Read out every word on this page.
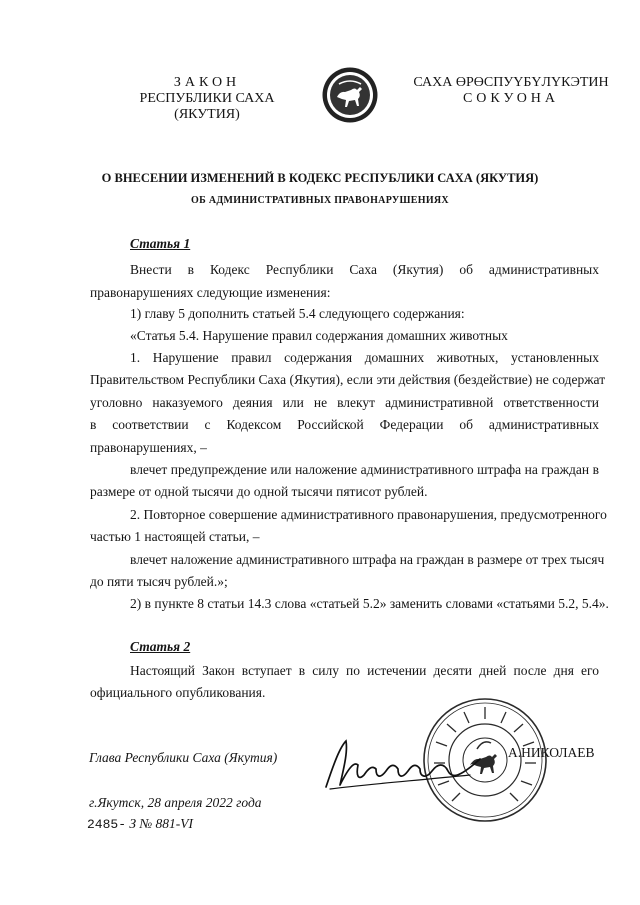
ЗАКОН
РЕСПУБЛИКИ САХА (ЯКУТИЯ)
САХА ӨРӨСПУҮБҮЛҮКЭТИН
СОКУОНА
О ВНЕСЕНИИ ИЗМЕНЕНИЙ В КОДЕКС РЕСПУБЛИКИ САХА (ЯКУТИЯ)
ОБ АДМИНИСТРАТИВНЫХ ПРАВОНАРУШЕНИЯХ
Статья 1
Внести в Кодекс Республики Саха (Якутия) об административных
правонарушениях следующие изменения:
1) главу 5 дополнить статьей 5.4 следующего содержания:
«Статья 5.4. Нарушение правил содержания домашних животных
1. Нарушение правил содержания домашних животных, установленных
Правительством Республики Саха (Якутия), если эти действия (бездействие) не содержат
уголовно наказуемого деяния или не влекут административной ответственности
в соответствии с Кодексом Российской Федерации об административных
правонарушениях, –
влечет предупреждение или наложение административного штрафа на граждан в
размере от одной тысячи до одной тысячи пятисот рублей.
2. Повторное совершение административного правонарушения, предусмотренного
частью 1 настоящей статьи, –
влечет наложение административного штрафа на граждан в размере от трех тысяч
до пяти тысяч рублей.»;
2) в пункте 8 статьи 14.3 слова «статьей 5.2» заменить словами «статьями 5.2, 5.4».
Статья 2
Настоящий Закон вступает в силу по истечении десяти дней после дня его
официального опубликования.
Глава Республики Саха (Якутия)	А.НИКОЛАЕВ
г.Якутск, 28 апреля 2022 года
2485- З № 881-VI
